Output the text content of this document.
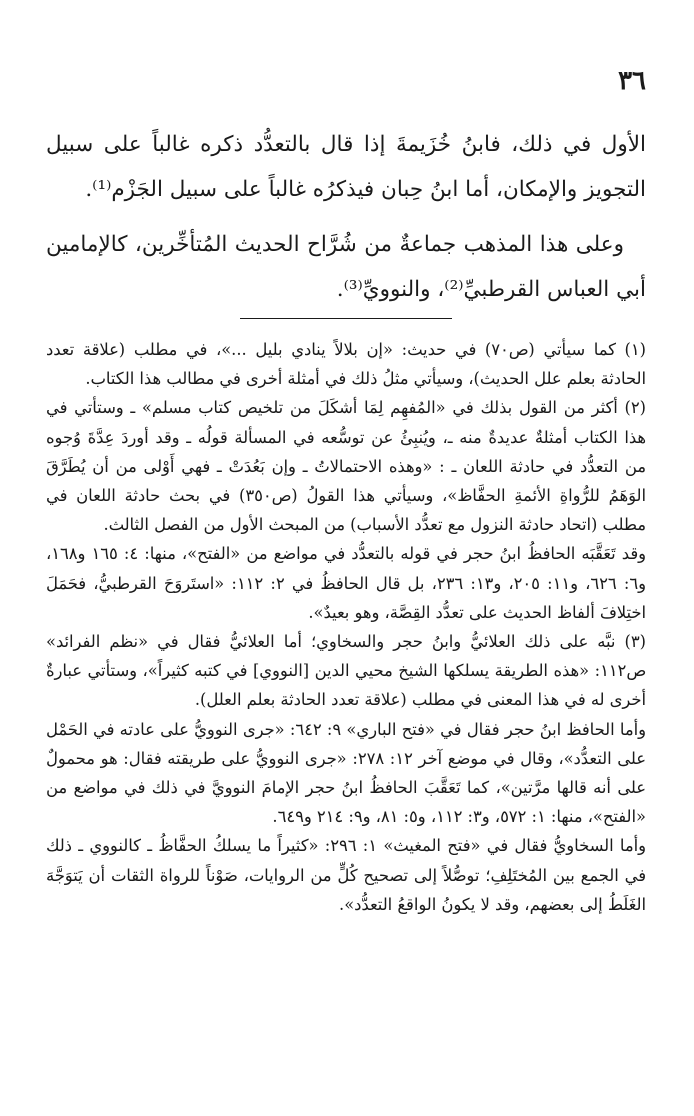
٣٦

الأول في ذلك، فابنُ خُزَيمةَ إذا قال بالتعدُّد ذكره غالباً على سبيل التجويز والإمكان، أما ابنُ حِبان فيذكرُه غالباً على سبيل الجَزْم⁽¹⁾.

وعلى هذا المذهب جماعةٌ من شُرَّاح الحديث المُتأخِّرين، كالإمامين أبي العباس القرطبيِّ⁽²⁾، والنوويِّ⁽³⁾.

(١) كما سيأتي (ص٧٠) في حديث: «إن بلالاً ينادي بليل ...»، في مطلب (علاقة تعدد الحادثة بعلم علل الحديث)، وسيأتي مثلُ ذلك في أمثلة أخرى في مطالب هذا الكتاب.

(٢) أكثر من القول بذلك في «المُفهِم لِمَا أشكَلَ من تلخيص كتاب مسلم» ـ وستأتي في هذا الكتاب أمثلةٌ عديدةٌ منه ـ، ويُنبِئُ عن توسُّعه في المسألة قولُه ـ وقد أوردَ عِدَّةَ وُجوه من التعدُّد في حادثة اللعان ـ : «وهذه الاحتمالاتُ ـ وإن بَعُدَتْ ـ فهي أَوْلى من أن يُطَرَّقَ الوَهَمُ للرُّواةِ الأئمةِ الحفَّاظ»، وسيأتي هذا القولُ (ص٣٥٠) في بحث حادثة اللعان في مطلب (اتحاد حادثة النزول مع تعدُّد الأسباب) من المبحث الأول من الفصل الثالث.

وقد تَعَقَّبَه الحافظُ ابنُ حجر في قوله بالتعدُّد في مواضع من «الفتح»، منها: ٤: ١٦٥ و١٦٨، و٦: ٦٢٦، و١١: ٢٠٥، و١٣: ٢٣٦، بل قال الحافظُ في ٢: ١١٢: «استَروَحَ القرطبيُّ، فحَمَلَ اختِلافَ ألفاظ الحديث على تعدُّد القِصَّة، وهو بعيدٌ».

(٣) نبَّه على ذلك العلائيُّ وابنُ حجر والسخاوي؛ أما العلائيُّ فقال في «نظم الفرائد» ص١١٢: «هذه الطريقة يسلكها الشيخ محيي الدين [النووي] في كتبه كثيراً»، وستأتي عبارةٌ أخرى له في هذا المعنى في مطلب (علاقة تعدد الحادثة بعلم العلل).

وأما الحافظ ابنُ حجر فقال في «فتح الباري» ٩: ٦٤٢: «جرى النوويُّ على عادته في الحَمْل على التعدُّد»، وقال في موضع آخر ١٢: ٢٧٨: «جرى النوويُّ على طريقته فقال: هو محمولٌ على أنه قالها مرَّتين»، كما تَعَقَّبَ الحافظُ ابنُ حجر الإمامَ النوويَّ في ذلك في مواضع من «الفتح»، منها: ١: ٥٧٢، و٣: ١١٢، و٥: ٨١، و٩: ٢١٤ و٦٤٩.

وأما السخاويُّ فقال في «فتح المغيث» ١: ٢٩٦: «كثيراً ما يسلكُ الحفَّاظُ ـ كالنووي ـ ذلك في الجمع بين المُختَلِفِ؛ توصُّلاً إلى تصحيح كُلٍّ من الروايات، صَوْناً للرواة الثقات أن يَتوَجَّهَ الغَلَطُ إلى بعضهم، وقد لا يكونُ الواقعُ التعدُّد».
